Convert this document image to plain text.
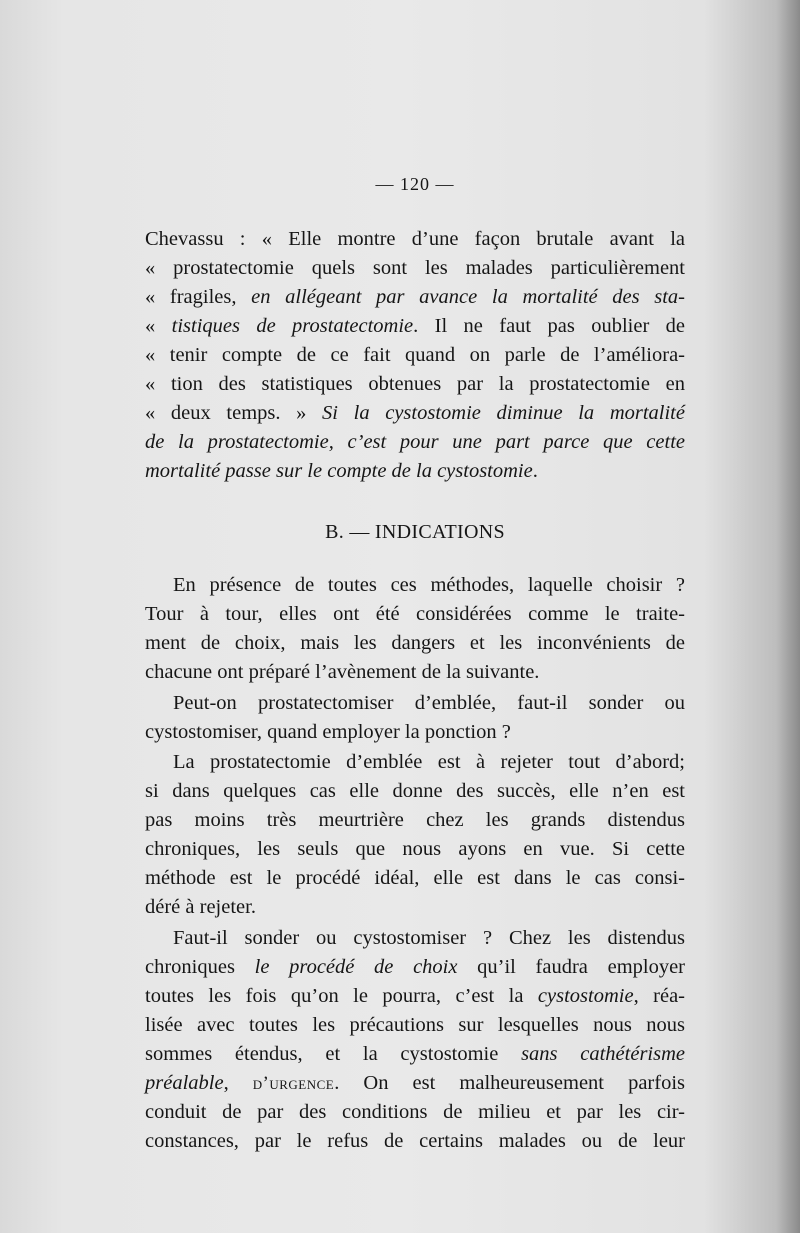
— 120 —
Chevassu : « Elle montre d’une façon brutale avant la
« prostatectomie quels sont les malades particulièrement
« fragiles, en allégeant par avance la mortalité des sta-
« tistiques de prostatectomie. Il ne faut pas oublier de
« tenir compte de ce fait quand on parle de l’améliora-
« tion des statistiques obtenues par la prostatectomie en
« deux temps. » Si la cystostomie diminue la mortalité
de la prostatectomie, c’est pour une part parce que cette
mortalité passe sur le compte de la cystostomie.
B. — INDICATIONS
En présence de toutes ces méthodes, laquelle choisir ?
Tour à tour, elles ont été considérées comme le traite-
ment de choix, mais les dangers et les inconvénients de
chacune ont préparé l’avènement de la suivante.
Peut-on prostatectomiser d’emblée, faut-il sonder ou
cystostomiser, quand employer la ponction ?
La prostatectomie d’emblée est à rejeter tout d’abord;
si dans quelques cas elle donne des succès, elle n’en est
pas moins très meurtrière chez les grands distendus
chroniques, les seuls que nous ayons en vue. Si cette
méthode est le procédé idéal, elle est dans le cas consi-
déré à rejeter.
Faut-il sonder ou cystostomiser ? Chez les distendus
chroniques le procédé de choix qu’il faudra employer
toutes les fois qu’on le pourra, c’est la cystostomie, réa-
lisée avec toutes les précautions sur lesquelles nous nous
sommes étendus, et la cystostomie sans cathétérisme
préalable, d’urgence. On est malheureusement parfois
conduit de par des conditions de milieu et par les cir-
constances, par le refus de certains malades ou de leur
